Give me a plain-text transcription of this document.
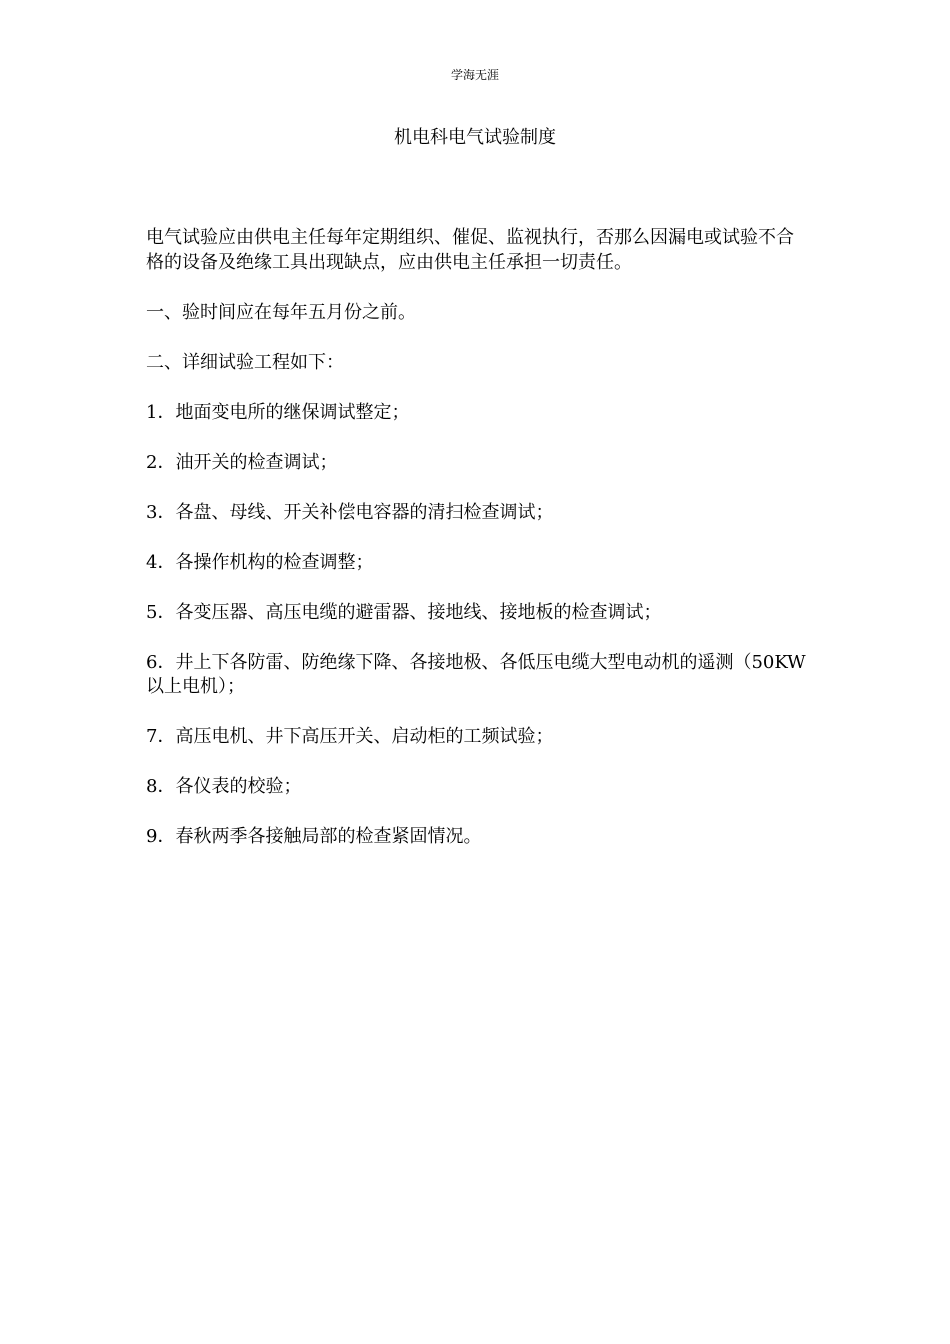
学海无涯
机电科电气试验制度

电气试验应由供电主任每年定期组织、催促、监视执行，否那么因漏电或试验不合格的设备及绝缘工具出现缺点，应由供电主任承担一切责任。

一、验时间应在每年五月份之前。

二、详细试验工程如下：

1．地面变电所的继保调试整定；

2．油开关的检查调试；

3．各盘、母线、开关补偿电容器的清扫检查调试；

4．各操作机构的检查调整；

5．各变压器、高压电缆的避雷器、接地线、接地板的检查调试；

6．井上下各防雷、防绝缘下降、各接地极、各低压电缆大型电动机的遥测（50KW 以上电机）；

7．高压电机、井下高压开关、启动柜的工频试验；

8．各仪表的校验；

9．春秋两季各接触局部的检查紧固情况。
